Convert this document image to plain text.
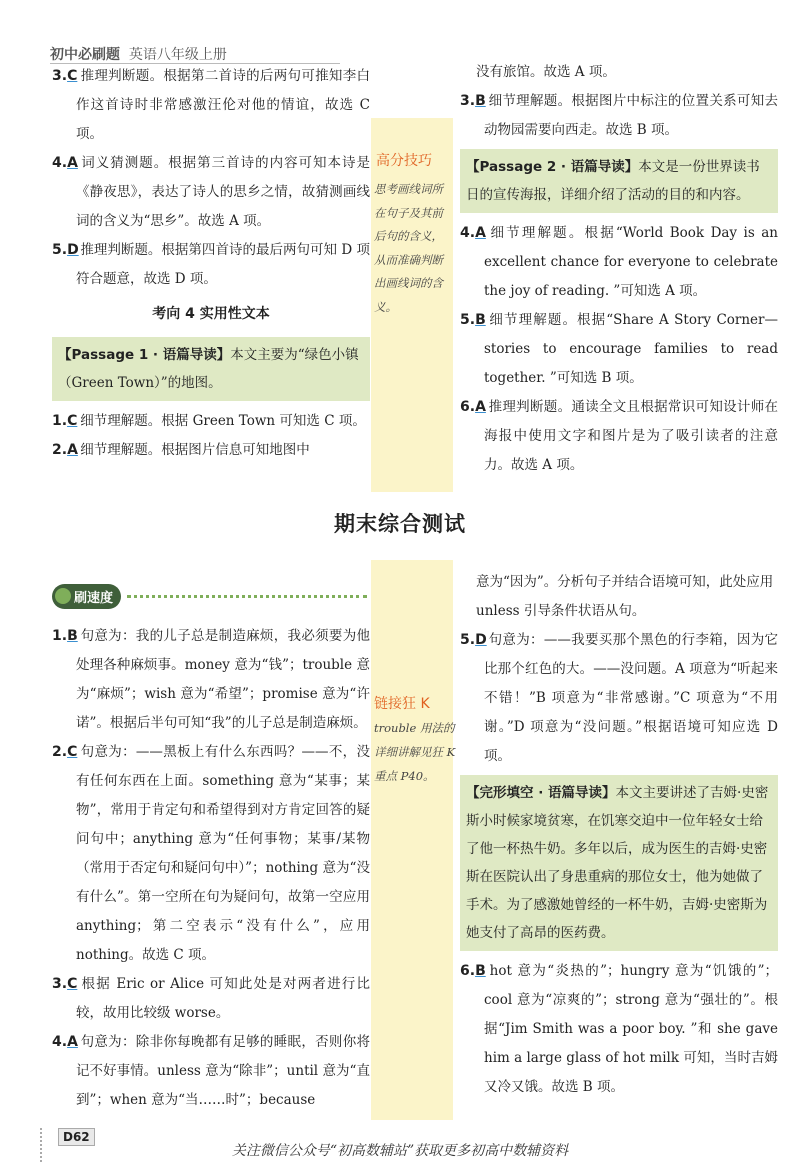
初中必刷题 英语八年级上册
高分技巧
思考画线词所在句子及其前后句的含义，从而准确判断出画线词的含义。
3.C 推理判断题。根据第二首诗的后两句可推知李白作这首诗时非常感激汪伦对他的情谊，故选 C 项。
4.A 词义猜测题。根据第三首诗的内容可知本诗是《静夜思》，表达了诗人的思乡之情，故猜测画线词的含义为“思乡”。故选 A 项。
5.D 推理判断题。根据第四首诗的最后两句可知 D 项符合题意，故选 D 项。
考向 4 实用性文本
【Passage 1 · 语篇导读】本文主要为“绿色小镇（Green Town）”的地图。
1.C 细节理解题。根据 Green Town 可知选 C 项。
2.A 细节理解题。根据图片信息可知地图中
没有旅馆。故选 A 项。
3.B 细节理解题。根据图片中标注的位置关系可知去动物园需要向西走。故选 B 项。
【Passage 2 · 语篇导读】本文是一份世界读书日的宣传海报，详细介绍了活动的目的和内容。
4.A 细节理解题。根据“World Book Day is an excellent chance for everyone to celebrate the joy of reading. ”可知选 A 项。
5.B 细节理解题。根据“Share A Story Corner—stories to encourage families to read together. ”可知选 B 项。
6.A 推理判断题。通读全文且根据常识可知设计师在海报中使用文字和图片是为了吸引读者的注意力。故选 A 项。
期末综合测试
刷速度
链接狂 K
trouble 用法的详细讲解见狂 K 重点 P40。
1.B 句意为：我的儿子总是制造麻烦，我必须要为他处理各种麻烦事。money 意为“钱”；trouble 意为“麻烦”；wish 意为“希望”；promise 意为“许诺”。根据后半句可知“我”的儿子总是制造麻烦。
2.C 句意为：——黑板上有什么东西吗？——不，没有任何东西在上面。something 意为“某事；某物”，常用于肯定句和希望得到对方肯定回答的疑问句中；anything 意为“任何事物；某事/某物（常用于否定句和疑问句中）”；nothing 意为“没有什么”。第一空所在句为疑问句，故第一空应用 anything；第二空表示“没有什么”，应用 nothing。故选 C 项。
3.C 根据 Eric or Alice 可知此处是对两者进行比较，故用比较级 worse。
4.A 句意为：除非你每晚都有足够的睡眠，否则你将记不好事情。unless 意为“除非”；until 意为“直到”；when 意为“当……时”；because
意为“因为”。分析句子并结合语境可知，此处应用 unless 引导条件状语从句。
5.D 句意为：——我要买那个黑色的行李箱，因为它比那个红色的大。——没问题。A 项意为“听起来不错！”B 项意为“非常感谢。”C 项意为“不用谢。”D 项意为“没问题。”根据语境可知应选 D 项。
【完形填空 · 语篇导读】本文主要讲述了吉姆·史密斯小时候家境贫寒，在饥寒交迫中一位年轻女士给了他一杯热牛奶。多年以后，成为医生的吉姆·史密斯在医院认出了身患重病的那位女士，他为她做了手术。为了感激她曾经的一杯牛奶，吉姆·史密斯为她支付了高昂的医药费。
6.B hot 意为“炎热的”；hungry 意为“饥饿的”；cool 意为“凉爽的”；strong 意为“强壮的”。根据“Jim Smith was a poor boy. ”和 she gave him a large glass of hot milk 可知，当时吉姆又冷又饿。故选 B 项。
D62
关注微信公众号“初高数辅站”获取更多初高中数辅资料
